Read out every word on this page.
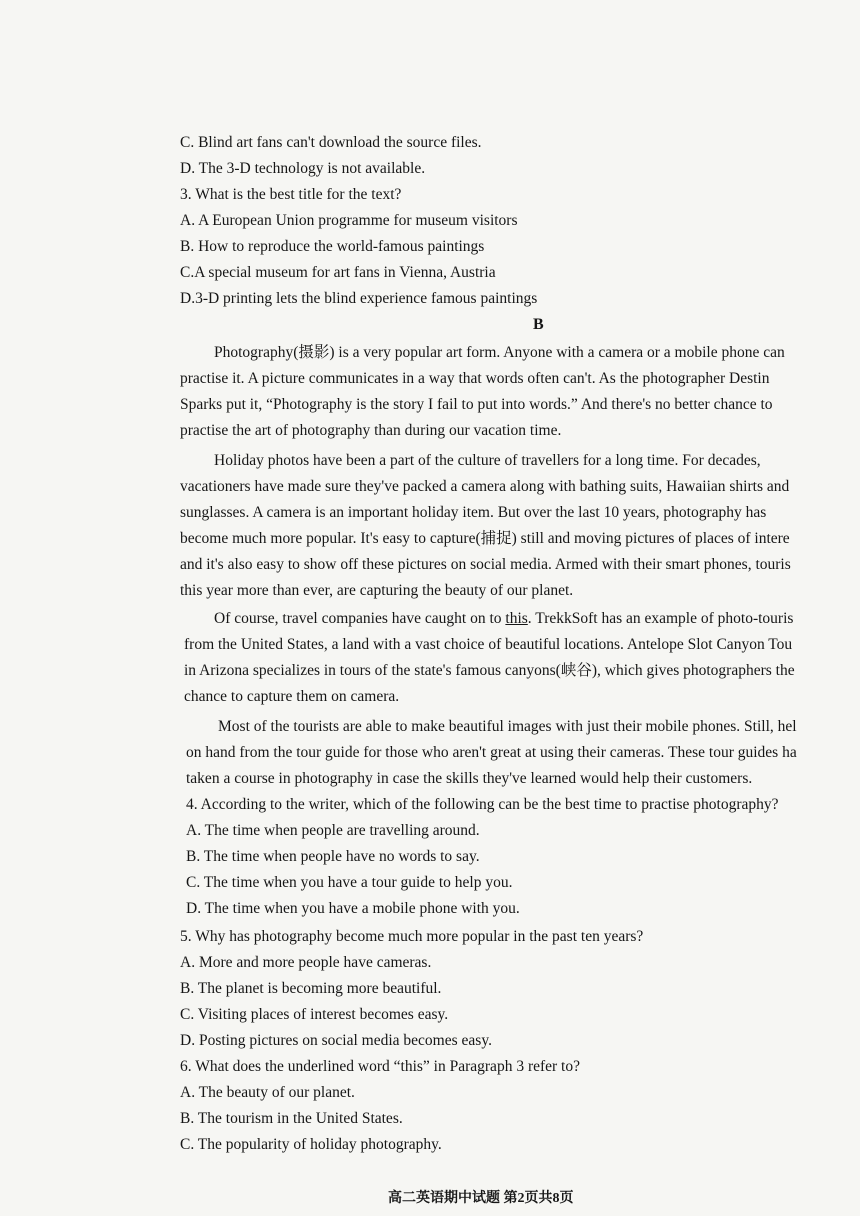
C. Blind art fans can't download the source files.
D. The 3-D technology is not available.
3. What is the best title for the text?
A. A European Union programme for museum visitors
B. How to reproduce the world-famous paintings
C.A special museum for art fans in Vienna, Austria
D.3-D printing lets the blind experience famous paintings
B
Photography(摄影) is a very popular art form. Anyone with a camera or a mobile phone can
practise it. A picture communicates in a way that words often can't. As the photographer Destin
Sparks put it, “Photography is the story I fail to put into words.” And there's no better chance to
practise the art of photography than during our vacation time.
Holiday photos have been a part of the culture of travellers for a long time. For decades,
vacationers have made sure they've packed a camera along with bathing suits, Hawaiian shirts and
sunglasses. A camera is an important holiday item. But over the last 10 years, photography has
become much more popular. It's easy to capture(捕捉) still and moving pictures of places of intere
and it's also easy to show off these pictures on social media. Armed with their smart phones, touris
this year more than ever, are capturing the beauty of our planet.
Of course, travel companies have caught on to this. TrekkSoft has an example of photo-touris
from the United States, a land with a vast choice of beautiful locations. Antelope Slot Canyon Tou
in Arizona specializes in tours of the state's famous canyons(峡谷), which gives photographers the
chance to capture them on camera.
Most of the tourists are able to make beautiful images with just their mobile phones. Still, hel
on hand from the tour guide for those who aren't great at using their cameras. These tour guides ha
taken a course in photography in case the skills they've learned would help their customers.
4. According to the writer, which of the following can be the best time to practise photography?
A. The time when people are travelling around.
B. The time when people have no words to say.
C. The time when you have a tour guide to help you.
D. The time when you have a mobile phone with you.
5. Why has photography become much more popular in the past ten years?
A. More and more people have cameras.
B. The planet is becoming more beautiful.
C. Visiting places of interest becomes easy.
D. Posting pictures on social media becomes easy.
6. What does the underlined word “this” in Paragraph 3 refer to?
A. The beauty of our planet.
B. The tourism in the United States.
C. The popularity of holiday photography.
高二英语期中试题 第2页共8页
